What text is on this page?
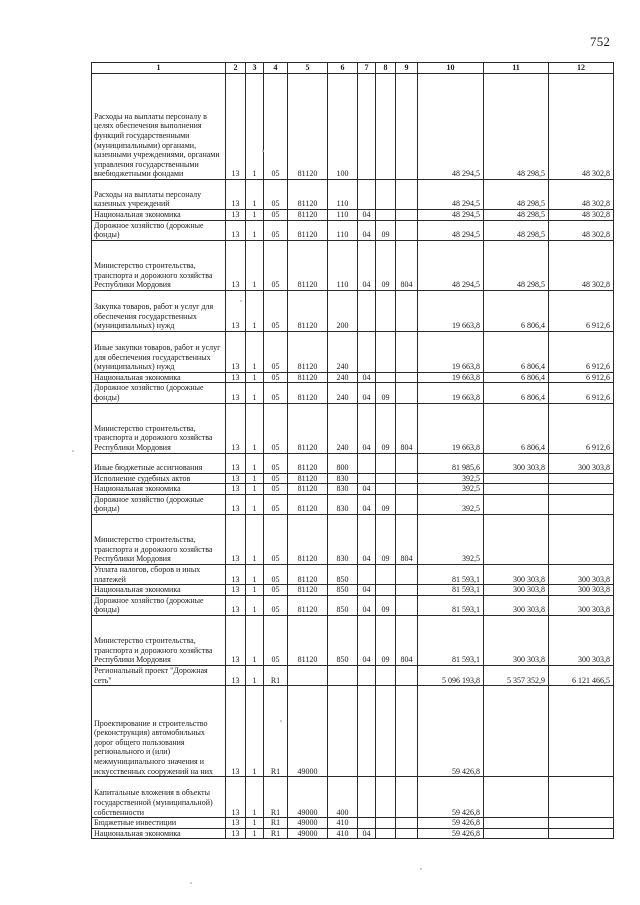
752
1	2	3	4	5	6	7	8	9	10	11	12
Расходы на выплаты персоналу в целях обеспечения выполнения функций государственными (муниципальными) органами, казенными учреждениями, органами управления государственными внебюджетными фондами	13	1	05	81120	100				48 294,5	48 298,5	48 302,8
Расходы на выплаты персоналу казенных учреждений	13	1	05	81120	110				48 294,5	48 298,5	48 302,8
Национальная экономика	13	1	05	81120	110	04			48 294,5	48 298,5	48 302,8
Дорожное хозяйство (дорожные фонды)	13	1	05	81120	110	04	09		48 294,5	48 298,5	48 302,8
Министерство строительства, транспорта и дорожного хозяйства Республики Мордовия	13	1	05	81120	110	04	09	804	48 294,5	48 298,5	48 302,8
Закупка товаров, работ и услуг для обеспечения государственных (муниципальных) нужд	13	1	05	81120	200				19 663,8	6 806,4	6 912,6
Иные закупки товаров, работ и услуг для обеспечения государственных (муниципальных) нужд	13	1	05	81120	240				19 663,8	6 806,4	6 912,6
Национальная экономика	13	1	05	81120	240	04			19 663,8	6 806,4	6 912,6
Дорожное хозяйство (дорожные фонды)	13	1	05	81120	240	04	09		19 663,8	6 806,4	6 912,6
Министерство строительства, транспорта и дорожного хозяйства Республики Мордовия	13	1	05	81120	240	04	09	804	19 663,8	6 806,4	6 912,6
Иные бюджетные ассигнования	13	1	05	81120	800				81 985,6	300 303,8	300 303,8
Исполнение судебных актов	13	1	05	81120	830				392,5		
Национальная экономика	13	1	05	81120	830	04			392,5		
Дорожное хозяйство (дорожные фонды)	13	1	05	81120	830	04	09		392,5		
Министерство строительства, транспорта и дорожного хозяйства Республики Мордовия	13	1	05	81120	830	04	09	804	392,5		
Уплата налогов, сборов и иных платежей	13	1	05	81120	850				81 593,1	300 303,8	300 303,8
Национальная экономика	13	1	05	81120	850	04			81 593,1	300 303,8	300 303,8
Дорожное хозяйство (дорожные фонды)	13	1	05	81120	850	04	09		81 593,1	300 303,8	300 303,8
Министерство строительства, транспорта и дорожного хозяйства Республики Мордовия	13	1	05	81120	850	04	09	804	81 593,1	300 303,8	300 303,8
Региональный проект "Дорожная сеть"	13	1	R1						5 096 193,8	5 357 352,9	6 121 466,5
Проектирование и строительство (реконструкция) автомобильных дорог общего пользования регионального и (или) межмуниципального значения и искусственных сооружений на них	13	1	R1	49000					59 426,8		
Капитальные вложения в объекты государственной (муниципальной) собственности	13	1	R1	49000	400				59 426,8		
Бюджетные инвестиции	13	1	R1	49000	410				59 426,8		
Национальная экономика	13	1	R1	49000	410	04			59 426,8		
